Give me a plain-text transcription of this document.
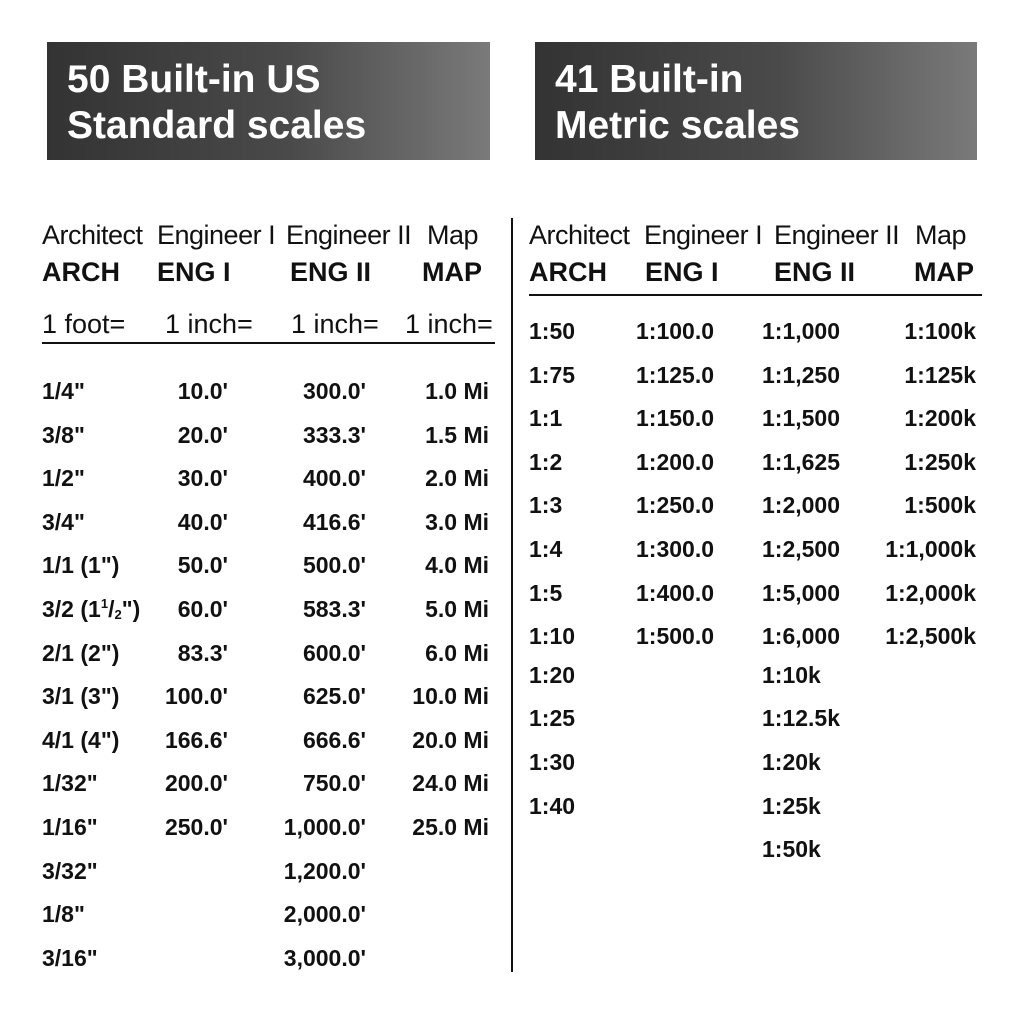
50 Built-in US
Standard scales
41 Built-in
Metric scales
Architect Engineer I Engineer II Map
ARCH ENG I ENG II MAP
1 foot= 1 inch= 1 inch= 1 inch=
Architect Engineer I Engineer II Map
ARCH ENG I ENG II MAP
1/4"
3/8"
1/2"
3/4"
1/1 (1")
3/2 $(1^1/_2")$
2/1 (2")
3/1 (3")
4/1 (4")
1/32"
1/16"
3/32"
1/8"
3/16"
10.0'
20.0'
30.0'
40.0'
50.0'
60.0'
83.3'
100.0'
166.6'
200.0'
250.0'
300.0'
333.3'
400.0'
416.6'
500.0'
583.3'
600.0'
625.0'
666.6'
750.0'
1,000.0'
1,200.0'
2,000.0'
3,000.0'
1.0 Mi
1.5 Mi
2.0 Mi
3.0 Mi
4.0 Mi
5.0 Mi
6.0 Mi
10.0 Mi
20.0 Mi
24.0 Mi
25.0 Mi
1:50
1:75
1:1
1:2
1:3
1:4
1:5
1:10
1:20
1:25
1:30
1:40
1:100.0
1:125.0
1:150.0
1:200.0
1:250.0
1:300.0
1:400.0
1:500.0
1:1,000
1:1,250
1:1,500
1:1,625
1:2,000
1:2,500
1:5,000
1:6,000
1:10k
1:12.5k
1:20k
1:25k
1:50k
1:100k
1:125k
1:200k
1:250k
1:500k
1:1,000k
1:2,000k
1:2,500k
